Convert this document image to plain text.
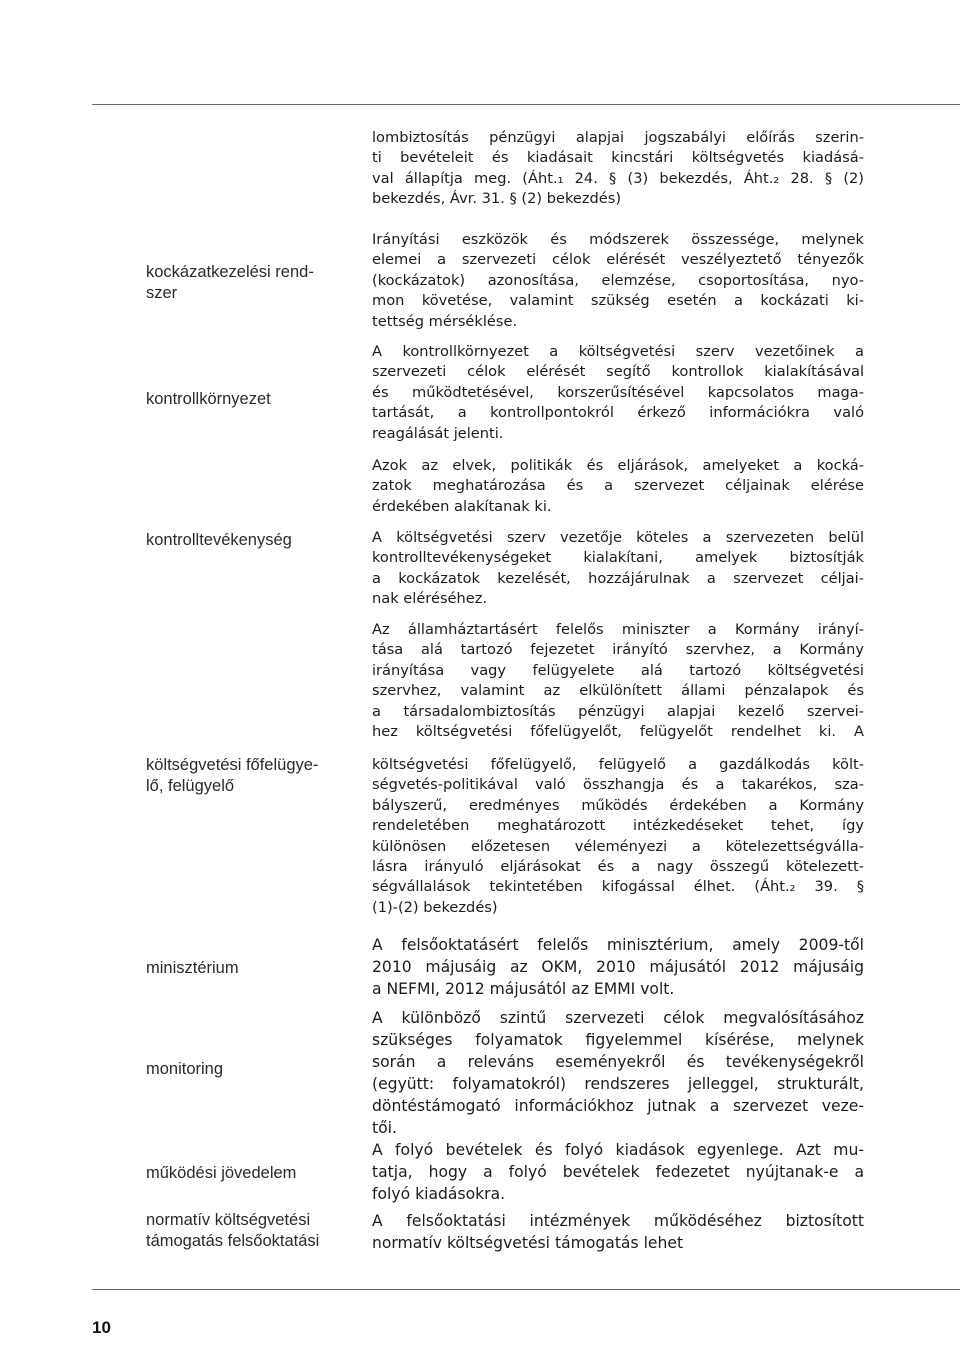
lombiztosítás pénzügyi alapjai jogszabályi előírás szerin-
ti bevételeit és kiadásait kincstári költségvetés kiadásá-
val állapítja meg. (Áht.₁ 24. § (3) bekezdés, Áht.₂ 28. § (2)
bekezdés, Ávr. 31. § (2) bekezdés)
kockázatkezelési rend-
szer
Irányítási eszközök és módszerek összessége, melynek
elemei a szervezeti célok elérését veszélyeztető tényezők
(kockázatok) azonosítása, elemzése, csoportosítása, nyo-
mon követése, valamint szükség esetén a kockázati ki-
tettség mérséklése.
kontrollkörnyezet
A kontrollkörnyezet a költségvetési szerv vezetőinek a
szervezeti célok elérését segítő kontrollok kialakításával
és működtetésével, korszerűsítésével kapcsolatos maga-
tartását, a kontrollpontokról érkező információkra való
reagálását jelenti.
Azok az elvek, politikák és eljárások, amelyeket a kocká-
zatok meghatározása és a szervezet céljainak elérése
érdekében alakítanak ki.
kontrolltevékenység	A költségvetési szerv vezetője köteles a szervezeten belül
kontrolltevékenységeket kialakítani, amelyek biztosítják
a kockázatok kezelését, hozzájárulnak a szervezet céljai-
nak eléréséhez.
Az államháztartásért felelős miniszter a Kormány irányí-
tása alá tartozó fejezetet irányító szervhez, a Kormány
irányítása vagy felügyelete alá tartozó költségvetési
szervhez, valamint az elkülönített állami pénzalapok és
a társadalombiztosítás pénzügyi alapjai kezelő szervei-
hez költségvetési főfelügyelőt, felügyelőt rendelhet ki. A
költségvetési főfelügye-
lő, felügyelő
költségvetési főfelügyelő, felügyelő a gazdálkodás költ-
ségvetés-politikával való összhangja és a takarékos, sza-
bályszerű, eredményes működés érdekében a Kormány
rendeletében meghatározott intézkedéseket tehet, így
különösen előzetesen véleményezi a kötelezettségválla-
lásra irányuló eljárásokat és a nagy összegű kötelezett-
ségvállalások tekintetében kifogással élhet. (Áht.₂ 39. §
(1)-(2) bekezdés)
minisztérium
A felsőoktatásért felelős minisztérium, amely 2009-től
2010 májusáig az OKM, 2010 májusától 2012 májusáig
a NEFMI, 2012 májusától az EMMI volt.
monitoring
A különböző szintű szervezeti célok megvalósításához
szükséges folyamatok figyelemmel kísérése, melynek
során a releváns eseményekről és tevékenységekről
(együtt: folyamatokról) rendszeres jelleggel, strukturált,
döntéstámogató információkhoz jutnak a szervezet veze-
tői.
működési jövedelem
A folyó bevételek és folyó kiadások egyenlege. Azt mu-
tatja, hogy a folyó bevételek fedezetet nyújtanak-e a
folyó kiadásokra.
normatív költségvetési
támogatás felsőoktatási
A felsőoktatási intézmények működéséhez biztosított
normatív költségvetési támogatás lehet
10
